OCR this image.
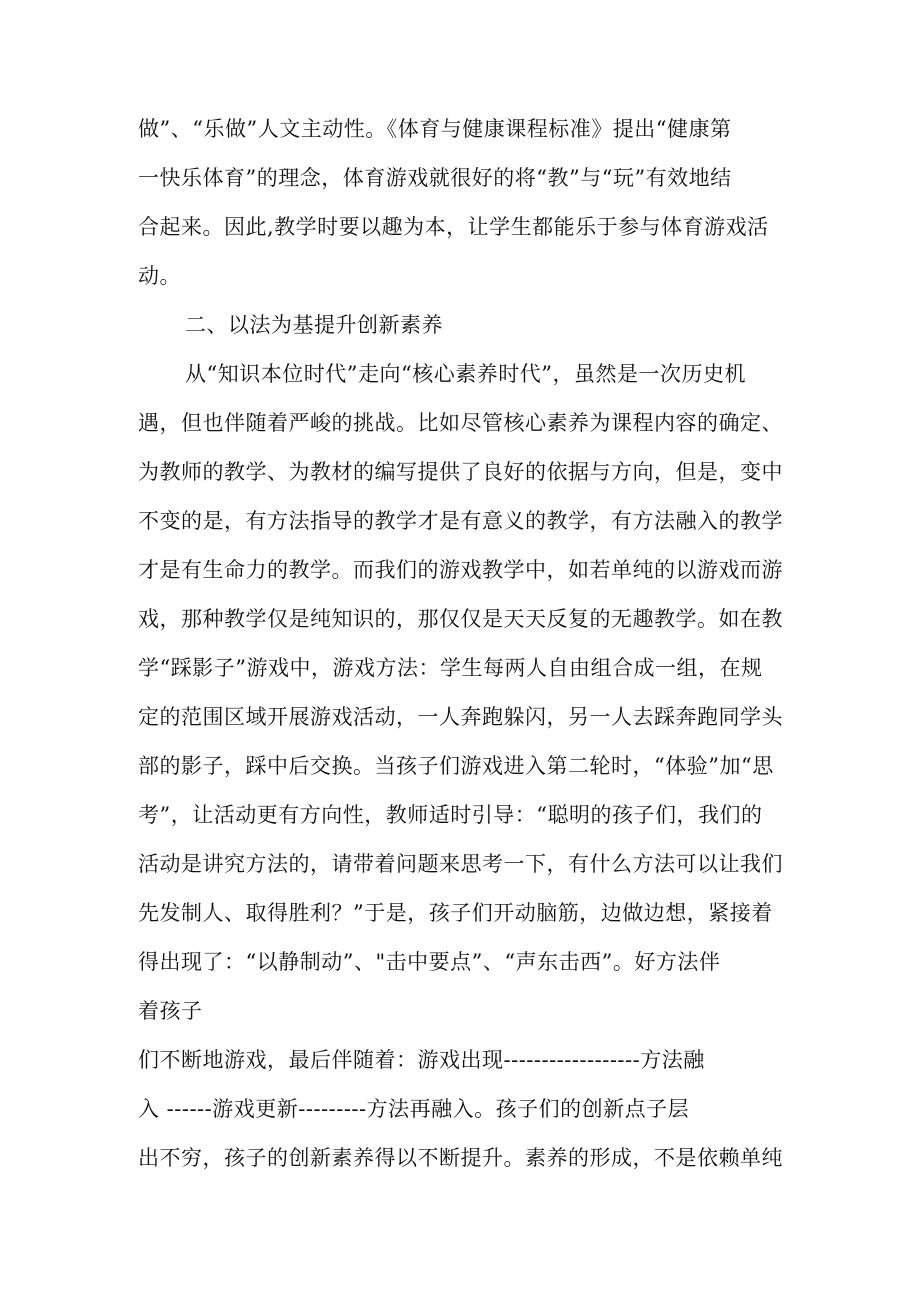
做”、“乐做”人文主动性。《体育与健康课程标准》提出“健康第
一快乐体育”的理念，体育游戏就很好的将“教”与“玩”有效地结
合起来。因此,教学时要以趣为本，让学生都能乐于参与体育游戏活
动。
二、以法为基提升创新素养
从“知识本位时代”走向“核心素养时代”，虽然是一次历史机
遇，但也伴随着严峻的挑战。比如尽管核心素养为课程内容的确定、
为教师的教学、为教材的编写提供了良好的依据与方向，但是，变中
不变的是，有方法指导的教学才是有意义的教学，有方法融入的教学
才是有生命力的教学。而我们的游戏教学中，如若单纯的以游戏而游
戏，那种教学仅是纯知识的，那仅仅是天天反复的无趣教学。如在教
学“踩影子”游戏中，游戏方法：学生每两人自由组合成一组，在规
定的范围区域开展游戏活动，一人奔跑躲闪，另一人去踩奔跑同学头
部的影子，踩中后交换。当孩子们游戏进入第二轮时，“体验”加“思
考”，让活动更有方向性，教师适时引导：“聪明的孩子们，我们的
活动是讲究方法的，请带着问题来思考一下，有什么方法可以让我们
先发制人、取得胜利？”于是，孩子们开动脑筋，边做边想，紧接着
得出现了：“以静制动”、"击中要点”、“声东击西”。好方法伴
着孩子
们不断地游戏，最后伴随着：游戏出现------------------方法融
入 ------游戏更新---------方法再融入。孩子们的创新点子层
出不穷，孩子的创新素养得以不断提升。素养的形成，不是依赖单纯
